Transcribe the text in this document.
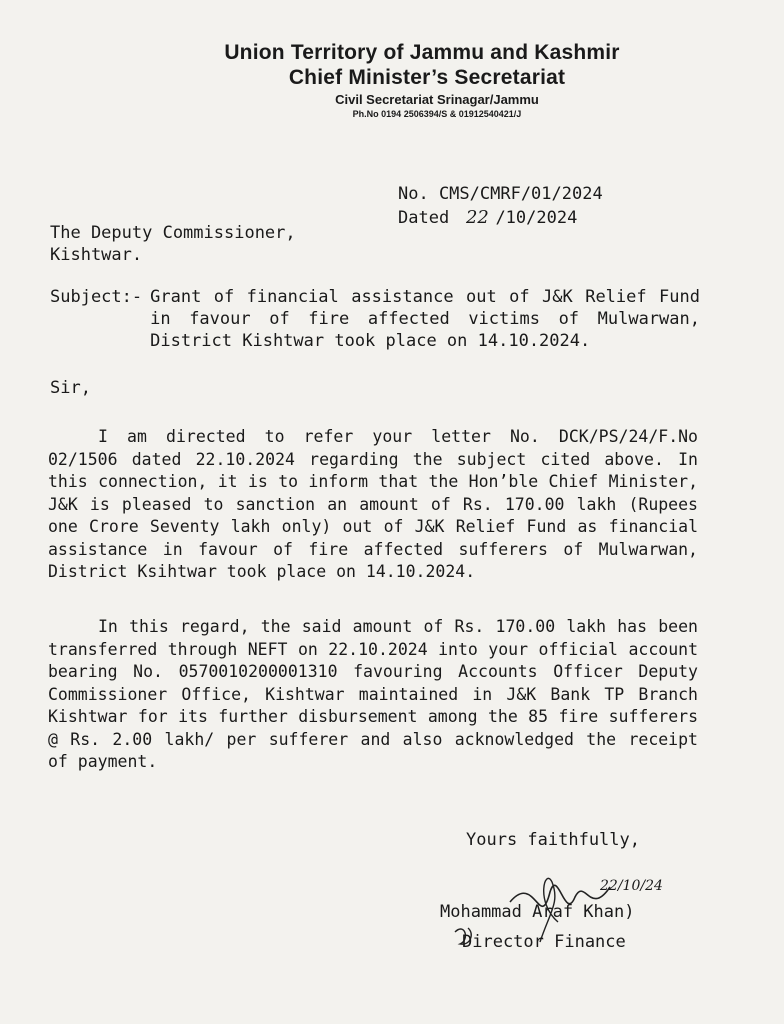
Union Territory of Jammu and Kashmir
Chief Minister’s Secretariat
Civil Secretariat Srinagar/Jammu
Ph.No 0194 2506394/S & 01912540421/J
No. CMS/CMRF/01/2024
Dated 22 /10/2024
The Deputy Commissioner,
Kishtwar.
Subject:- Grant of financial assistance out of J&K Relief Fund in favour of fire affected victims of Mulwarwan, District Kishtwar took place on 14.10.2024.
Sir,
I am directed to refer your letter No. DCK/PS/24/F.No 02/1506 dated 22.10.2024 regarding the subject cited above. In this connection, it is to inform that the Hon’ble Chief Minister, J&K is pleased to sanction an amount of Rs. 170.00 lakh (Rupees one Crore Seventy lakh only) out of J&K Relief Fund as financial assistance in favour of fire affected sufferers of Mulwarwan, District Ksihtwar took place on 14.10.2024.
In this regard, the said amount of Rs. 170.00 lakh has been transferred through NEFT on 22.10.2024 into your official account bearing No. 0570010200001310 favouring Accounts Officer Deputy Commissioner Office, Kishtwar maintained in J&K Bank TP Branch Kishtwar for its further disbursement among the 85 fire sufferers @ Rs. 2.00 lakh/ per sufferer and also acknowledged the receipt of payment.
Yours faithfully,
22/10/24
Mohammad Araf Khan)
Director Finance
